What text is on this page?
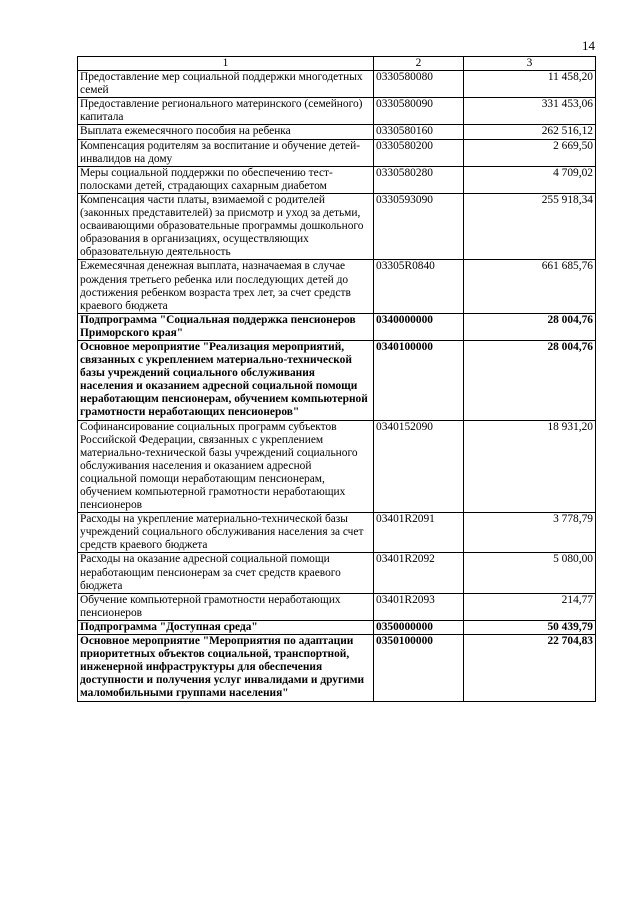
14
1	2	3
Предоставление мер социальной поддержки многодетных семей	0330580080	11 458,20
Предоставление регионального материнского (семейного) капитала	0330580090	331 453,06
Выплата ежемесячного пособия на ребенка	0330580160	262 516,12
Компенсация родителям за воспитание и обучение детей-инвалидов на дому	0330580200	2 669,50
Меры социальной поддержки по обеспечению тест-полосками детей, страдающих сахарным диабетом	0330580280	4 709,02
Компенсация части платы, взимаемой с родителей (законных представителей) за присмотр и уход за детьми, осваивающими образовательные программы дошкольного образования в организациях, осуществляющих образовательную деятельность	0330593090	255 918,34
Ежемесячная денежная выплата, назначаемая в случае рождения третьего ребенка или последующих детей до достижения ребенком возраста трех лет, за счет средств краевого бюджета	03305R0840	661 685,76
Подпрограмма "Социальная поддержка пенсионеров Приморского края"	0340000000	28 004,76
Основное мероприятие "Реализация мероприятий, связанных с укреплением материально-технической базы учреждений социального обслуживания населения и оказанием адресной социальной помощи неработающим пенсионерам, обучением компьютерной грамотности неработающих пенсионеров"	0340100000	28 004,76
Софинансирование социальных программ субъектов Российской Федерации, связанных с укреплением материально-технической базы учреждений социального обслуживания населения и оказанием адресной социальной помощи неработающим пенсионерам, обучением компьютерной грамотности неработающих пенсионеров	0340152090	18 931,20
Расходы на укрепление материально-технической базы учреждений социального обслуживания населения за счет средств краевого бюджета	03401R2091	3 778,79
Расходы на оказание адресной социальной помощи неработающим пенсионерам за счет средств краевого бюджета	03401R2092	5 080,00
Обучение компьютерной грамотности неработающих пенсионеров	03401R2093	214,77
Подпрограмма "Доступная среда"	0350000000	50 439,79
Основное мероприятие "Мероприятия по адаптации приоритетных объектов социальной, транспортной, инженерной инфраструктуры для обеспечения доступности и получения услуг инвалидами и другими маломобильными группами населения"	0350100000	22 704,83
